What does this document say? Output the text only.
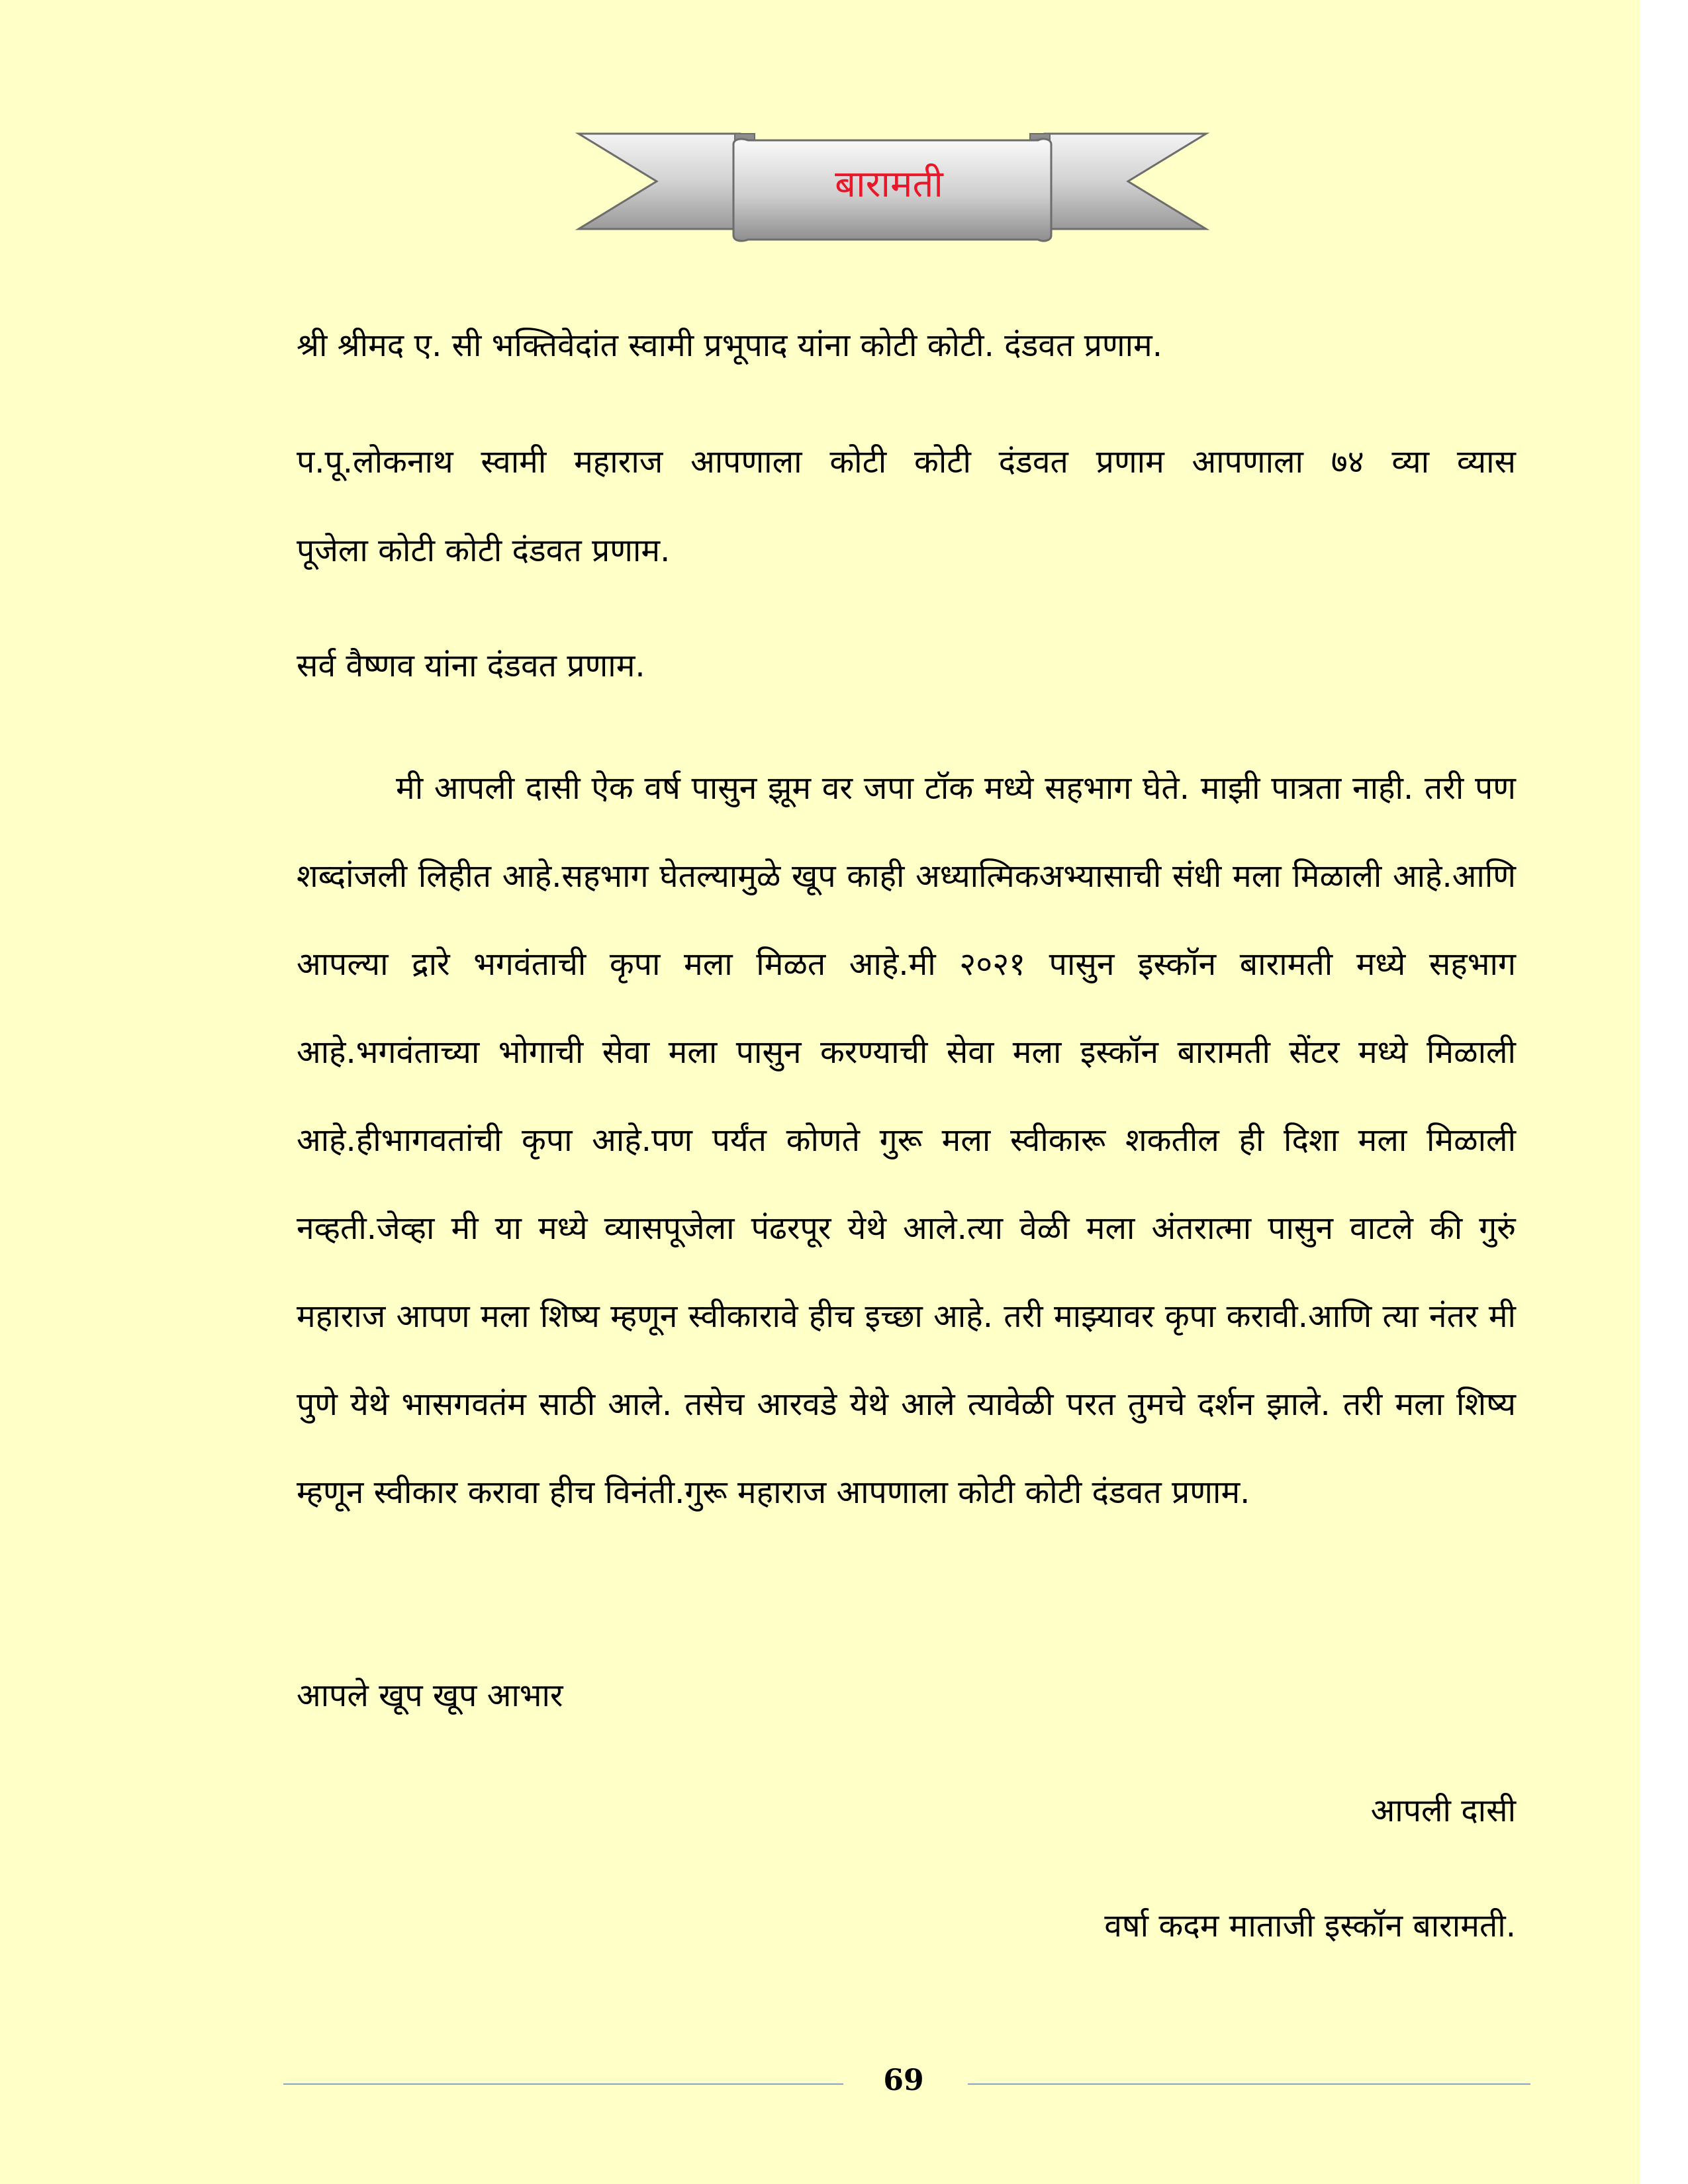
बारामती

श्री श्रीमद ए. सी भक्तिवेदांत स्वामी प्रभूपाद यांना कोटी कोटी. दंडवत प्रणाम.

प.पू.लोकनाथ स्वामी महाराज आपणाला कोटी कोटी दंडवत प्रणाम आपणाला ७४ व्या व्यास

पूजेला कोटी कोटी दंडवत प्रणाम.

सर्व वैष्णव यांना दंडवत प्रणाम.

मी आपली दासी ऐक वर्ष पासुन झूम वर जपा टॉक मध्ये सहभाग घेते. माझी पात्रता नाही. तरी पण शब्दांजली लिहीत आहे.सहभाग घेतल्यामुळे खूप काही अध्यात्मिकअभ्यासाची संधी मला मिळाली आहे.आणि आपल्या द्रारे भगवंताची कृपा मला मिळत आहे.मी २०२१ पासुन इस्कॉन बारामती मध्ये सहभाग आहे.भगवंताच्या भोगाची सेवा मला पासुन करण्याची सेवा मला इस्कॉन बारामती सेंटर मध्ये मिळाली आहे.हीभागवतांची कृपा आहे.पण पर्यंत कोणते गुरू मला स्वीकारू शकतील ही दिशा मला मिळाली नव्हती.जेव्हा मी या मध्ये व्यासपूजेला पंढरपूर येथे आले.त्या वेळी मला अंतरात्मा पासुन वाटले की गुरुं महाराज आपण मला शिष्य म्हणून स्वीकारावे हीच इच्छा आहे. तरी माझ्यावर कृपा करावी.आणि त्या नंतर मी पुणे येथे भासगवतंम साठी आले. तसेच आरवडे येथे आले त्यावेळी परत तुमचे दर्शन झाले. तरी मला शिष्य म्हणून स्वीकार करावा हीच विनंती.गुरू महाराज आपणाला कोटी कोटी दंडवत प्रणाम.

आपले खूप खूप आभार

आपली दासी
वर्षा कदम माताजी इस्कॉन बारामती.
69
